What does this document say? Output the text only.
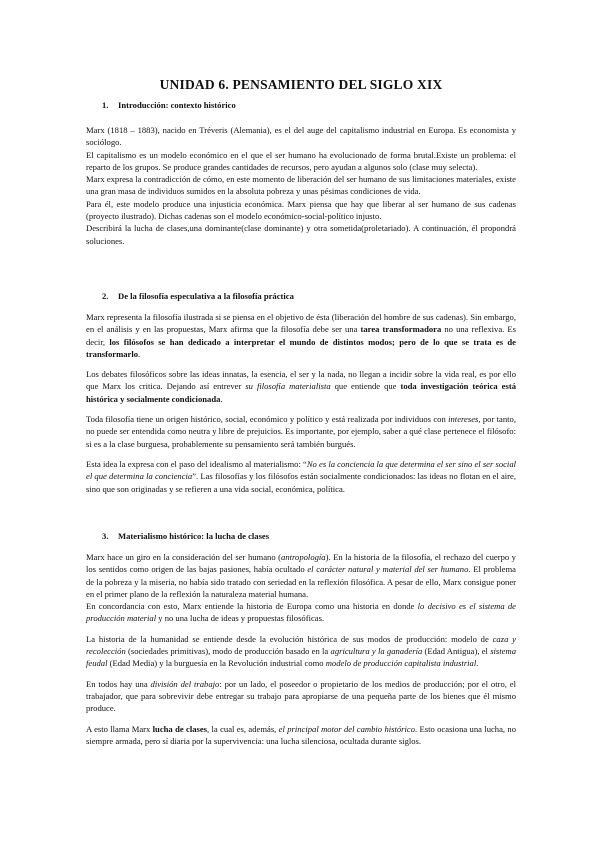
UNIDAD 6. PENSAMIENTO DEL SIGLO XIX

1. Introducción: contexto histórico

Marx (1818 – 1883), nacido en Tréveris (Alemania), es el del auge del capitalismo industrial en Europa. Es economista y sociólogo.

El capitalismo es un modelo económico en el que el ser humano ha evolucionado de forma brutal.Existe un problema: el reparto de los grupos. Se produce grandes cantidades de recursos, pero ayudan a algunos solo (clase muy selecta).

Marx expresa la contradicción de cómo, en este momento de liberación del ser humano de sus limitaciones materiales, existe una gran masa de individuos sumidos en la absoluta pobreza y unas pésimas condiciones de vida.

Para él, este modelo produce una injusticia económica. Marx piensa que hay que liberar al ser humano de sus cadenas (proyecto ilustrado). Dichas cadenas son el modelo económico-social-político injusto.

Describirá la lucha de clases,una dominante(clase dominante) y otra sometida(proletariado). A continuación, él propondrá soluciones.

2. De la filosofía especulativa a la filosofía práctica

Marx representa la filosofía ilustrada si se piensa en el objetivo de ésta (liberación del hombre de sus cadenas). Sin embargo, en el análisis y en las propuestas, Marx afirma que la filosofía debe ser una tarea transformadora no una reflexiva. Es decir, los filósofos se han dedicado a interpretar el mundo de distintos modos; pero de lo que se trata es de transformarlo.

Los debates filosóficos sobre las ideas innatas, la esencia, el ser y la nada, no llegan a incidir sobre la vida real, es por ello que Marx los critica. Dejando así entrever su filosofía materialista que entiende que toda investigación teórica está histórica y socialmente condicionada.

Toda filosofía tiene un origen histórico, social, económico y político y está realizada por individuos con intereses, por tanto, no puede ser entendida como neutra y libre de prejuicios. Es importante, por ejemplo, saber a qué clase pertenece el filósofo: si es a la clase burguesa, probablemente su pensamiento será también burgués.

Esta idea la expresa con el paso del idealismo al materialismo: “No es la conciencia la que determina el ser sino el ser social el que determina la conciencia”. Las filosofías y los filósofos están socialmente condicionados: las ideas no flotan en el aire, sino que son originadas y se refieren a una vida social, económica, política.

3. Materialismo histórico: la lucha de clases

Marx hace un giro en la consideración del ser humano (antropología). En la historia de la filosofía, el rechazo del cuerpo y los sentidos como origen de las bajas pasiones, había ocultado el carácter natural y material del ser humano. El problema de la pobreza y la miseria, no había sido tratado con seriedad en la reflexión filosófica. A pesar de ello, Marx consigue poner en el primer plano de la reflexión la naturaleza material humana.

En concordancia con esto, Marx entiende la historia de Europa como una historia en donde lo decisivo es el sistema de producción material y no una lucha de ideas y propuestas filosóficas.

La historia de la humanidad se entiende desde la evolución histórica de sus modos de producción: modelo de caza y recolección (sociedades primitivas), modo de producción basado en la agricultura y la ganadería (Edad Antigua), el sistema feudal (Edad Media) y la burguesía en la Revolución industrial como modelo de producción capitalista industrial.

En todos hay una división del trabajo: por un lado, el poseedor o propietario de los medios de producción; por el otro, el trabajador, que para sobrevivir debe entregar su trabajo para apropiarse de una pequeña parte de los bienes que él mismo produce.

A esto llama Marx lucha de clases, la cual es, además, el principal motor del cambio histórico. Esto ocasiona una lucha, no siempre armada, pero sí diaria por la supervivencia: una lucha silenciosa, ocultada durante siglos.
